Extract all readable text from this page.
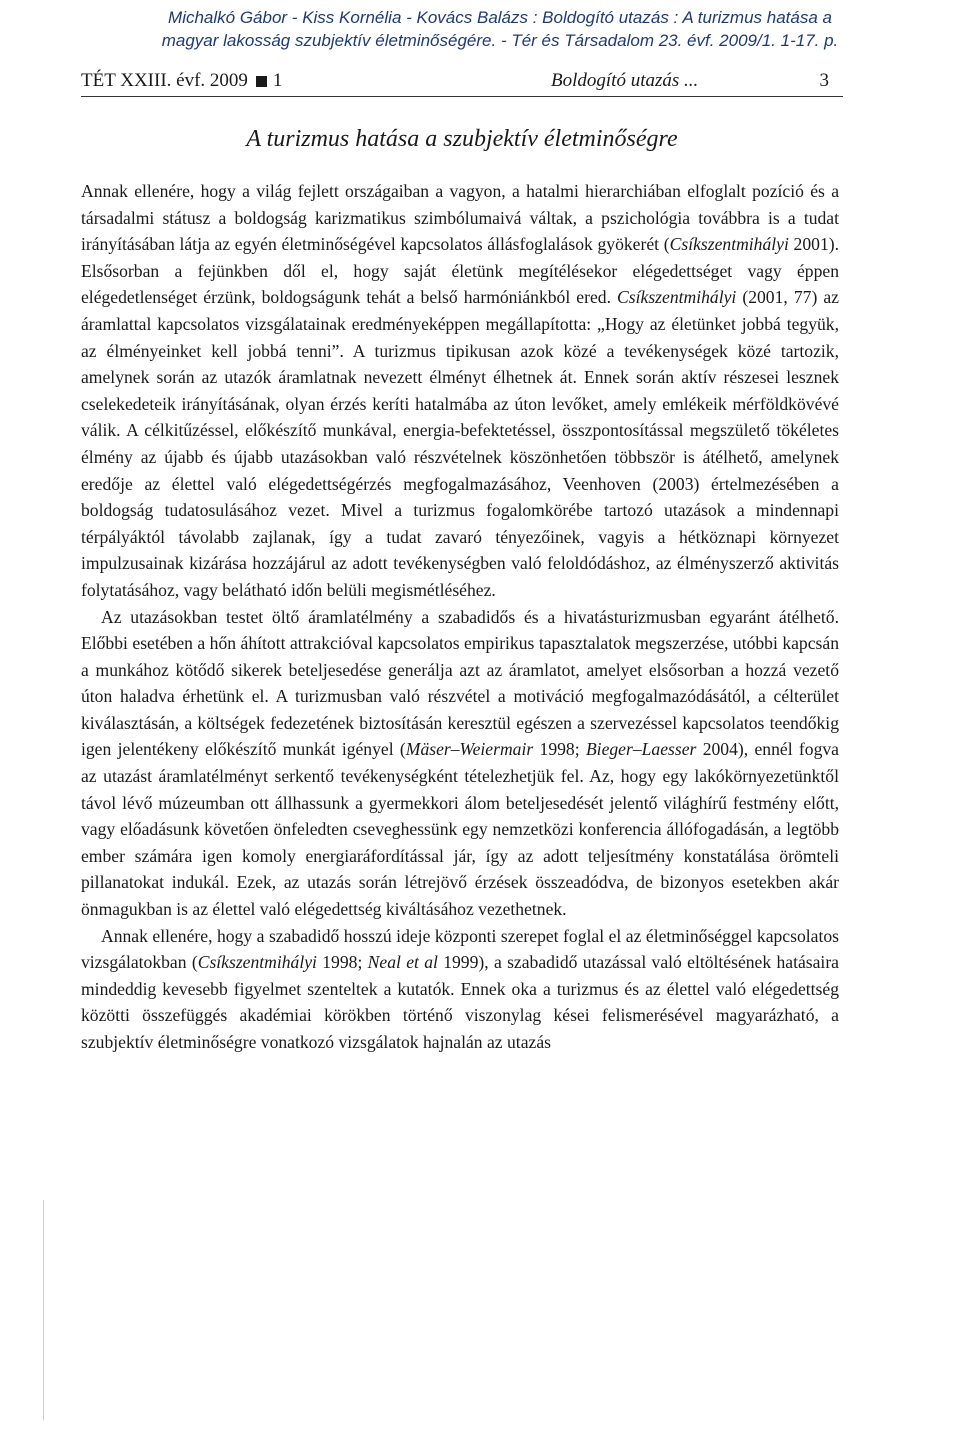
Michalkó Gábor - Kiss Kornélia - Kovács Balázs : Boldogító utazás : A turizmus hatása a
magyar lakosság szubjektív életminőségére. - Tér és Társadalom 23. évf. 2009/1. 1-17. p.
TÉT XXIII. évf. 2009 1	Boldogító utazás ...	3
A turizmus hatása a szubjektív életminőségre

Annak ellenére, hogy a világ fejlett országaiban a vagyon, a hatalmi hierarchiában elfoglalt pozíció és a társadalmi státusz a boldogság karizmatikus szimbólumaivá váltak, a pszichológia továbbra is a tudat irányításában látja az egyén életminőségével kapcsolatos állásfoglalások gyökerét (Csíkszentmihályi 2001). Elsősorban a fejünkben dől el, hogy saját életünk megítélésekor elégedettséget vagy éppen elégedetlenséget érzünk, boldogságunk tehát a belső harmóniánkból ered. Csíkszentmihályi (2001, 77) az áramlattal kapcsolatos vizsgálatainak eredményeképpen megállapította: „Hogy az életünket jobbá tegyük, az élményeinket kell jobbá tenni”. A turizmus tipikusan azok közé a tevékenységek közé tartozik, amelynek során az utazók áramlatnak nevezett élményt élhetnek át. Ennek során aktív részesei lesznek cselekedeteik irányításának, olyan érzés keríti hatalmába az úton levőket, amely emlékeik mérföldkövévé válik. A célkitűzéssel, előkészítő munkával, energia-befektetéssel, összpontosítással megszülető tökéletes élmény az újabb és újabb utazásokban való részvételnek köszönhetően többször is átélhető, amelynek eredője az élettel való elégedettségérzés megfogalmazásához, Veenhoven (2003) értelmezésében a boldogság tudatosulásához vezet. Mivel a turizmus fogalomkörébe tartozó utazások a mindennapi térpályáktól távolabb zajlanak, így a tudat zavaró tényezőinek, vagyis a hétköznapi környezet impulzusainak kizárása hozzájárul az adott tevékenységben való feloldódáshoz, az élményszerző aktivitás folytatásához, vagy belátható időn belüli megismétléséhez.

Az utazásokban testet öltő áramlatélmény a szabadidős és a hivatásturizmusban egyaránt átélhető. Előbbi esetében a hőn áhított attrakcióval kapcsolatos empirikus tapasztalatok megszerzése, utóbbi kapcsán a munkához kötődő sikerek beteljesedése generálja azt az áramlatot, amelyet elsősorban a hozzá vezető úton haladva érhetünk el. A turizmusban való részvétel a motiváció megfogalmazódásától, a célterület kiválasztásán, a költségek fedezetének biztosításán keresztül egészen a szervezéssel kapcsolatos teendőkig igen jelentékeny előkészítő munkát igényel (Mäser–Weiermair 1998; Bieger–Laesser 2004), ennél fogva az utazást áramlatélményt serkentő tevékenységként tételezhetjük fel. Az, hogy egy lakókörnyezetünktől távol lévő múzeumban ott állhassunk a gyermekkori álom beteljesedését jelentő világhírű festmény előtt, vagy előadásunk követően önfeledten cseveghessünk egy nemzetközi konferencia állófogadásán, a legtöbb ember számára igen komoly energiaráfordítással jár, így az adott teljesítmény konstatálása örömteli pillanatokat indukál. Ezek, az utazás során létrejövő érzések összeadódva, de bizonyos esetekben akár önmagukban is az élettel való elégedettség kiváltásához vezethetnek.

Annak ellenére, hogy a szabadidő hosszú ideje központi szerepet foglal el az életminőséggel kapcsolatos vizsgálatokban (Csíkszentmihályi 1998; Neal et al 1999), a szabadidő utazással való eltöltésének hatásaira mindeddig kevesebb figyelmet szenteltek a kutatók. Ennek oka a turizmus és az élettel való elégedettség közötti összefüggés akadémiai körökben történő viszonylag kései felismerésével magyarázható, a szubjektív életminőségre vonatkozó vizsgálatok hajnalán az utazás
